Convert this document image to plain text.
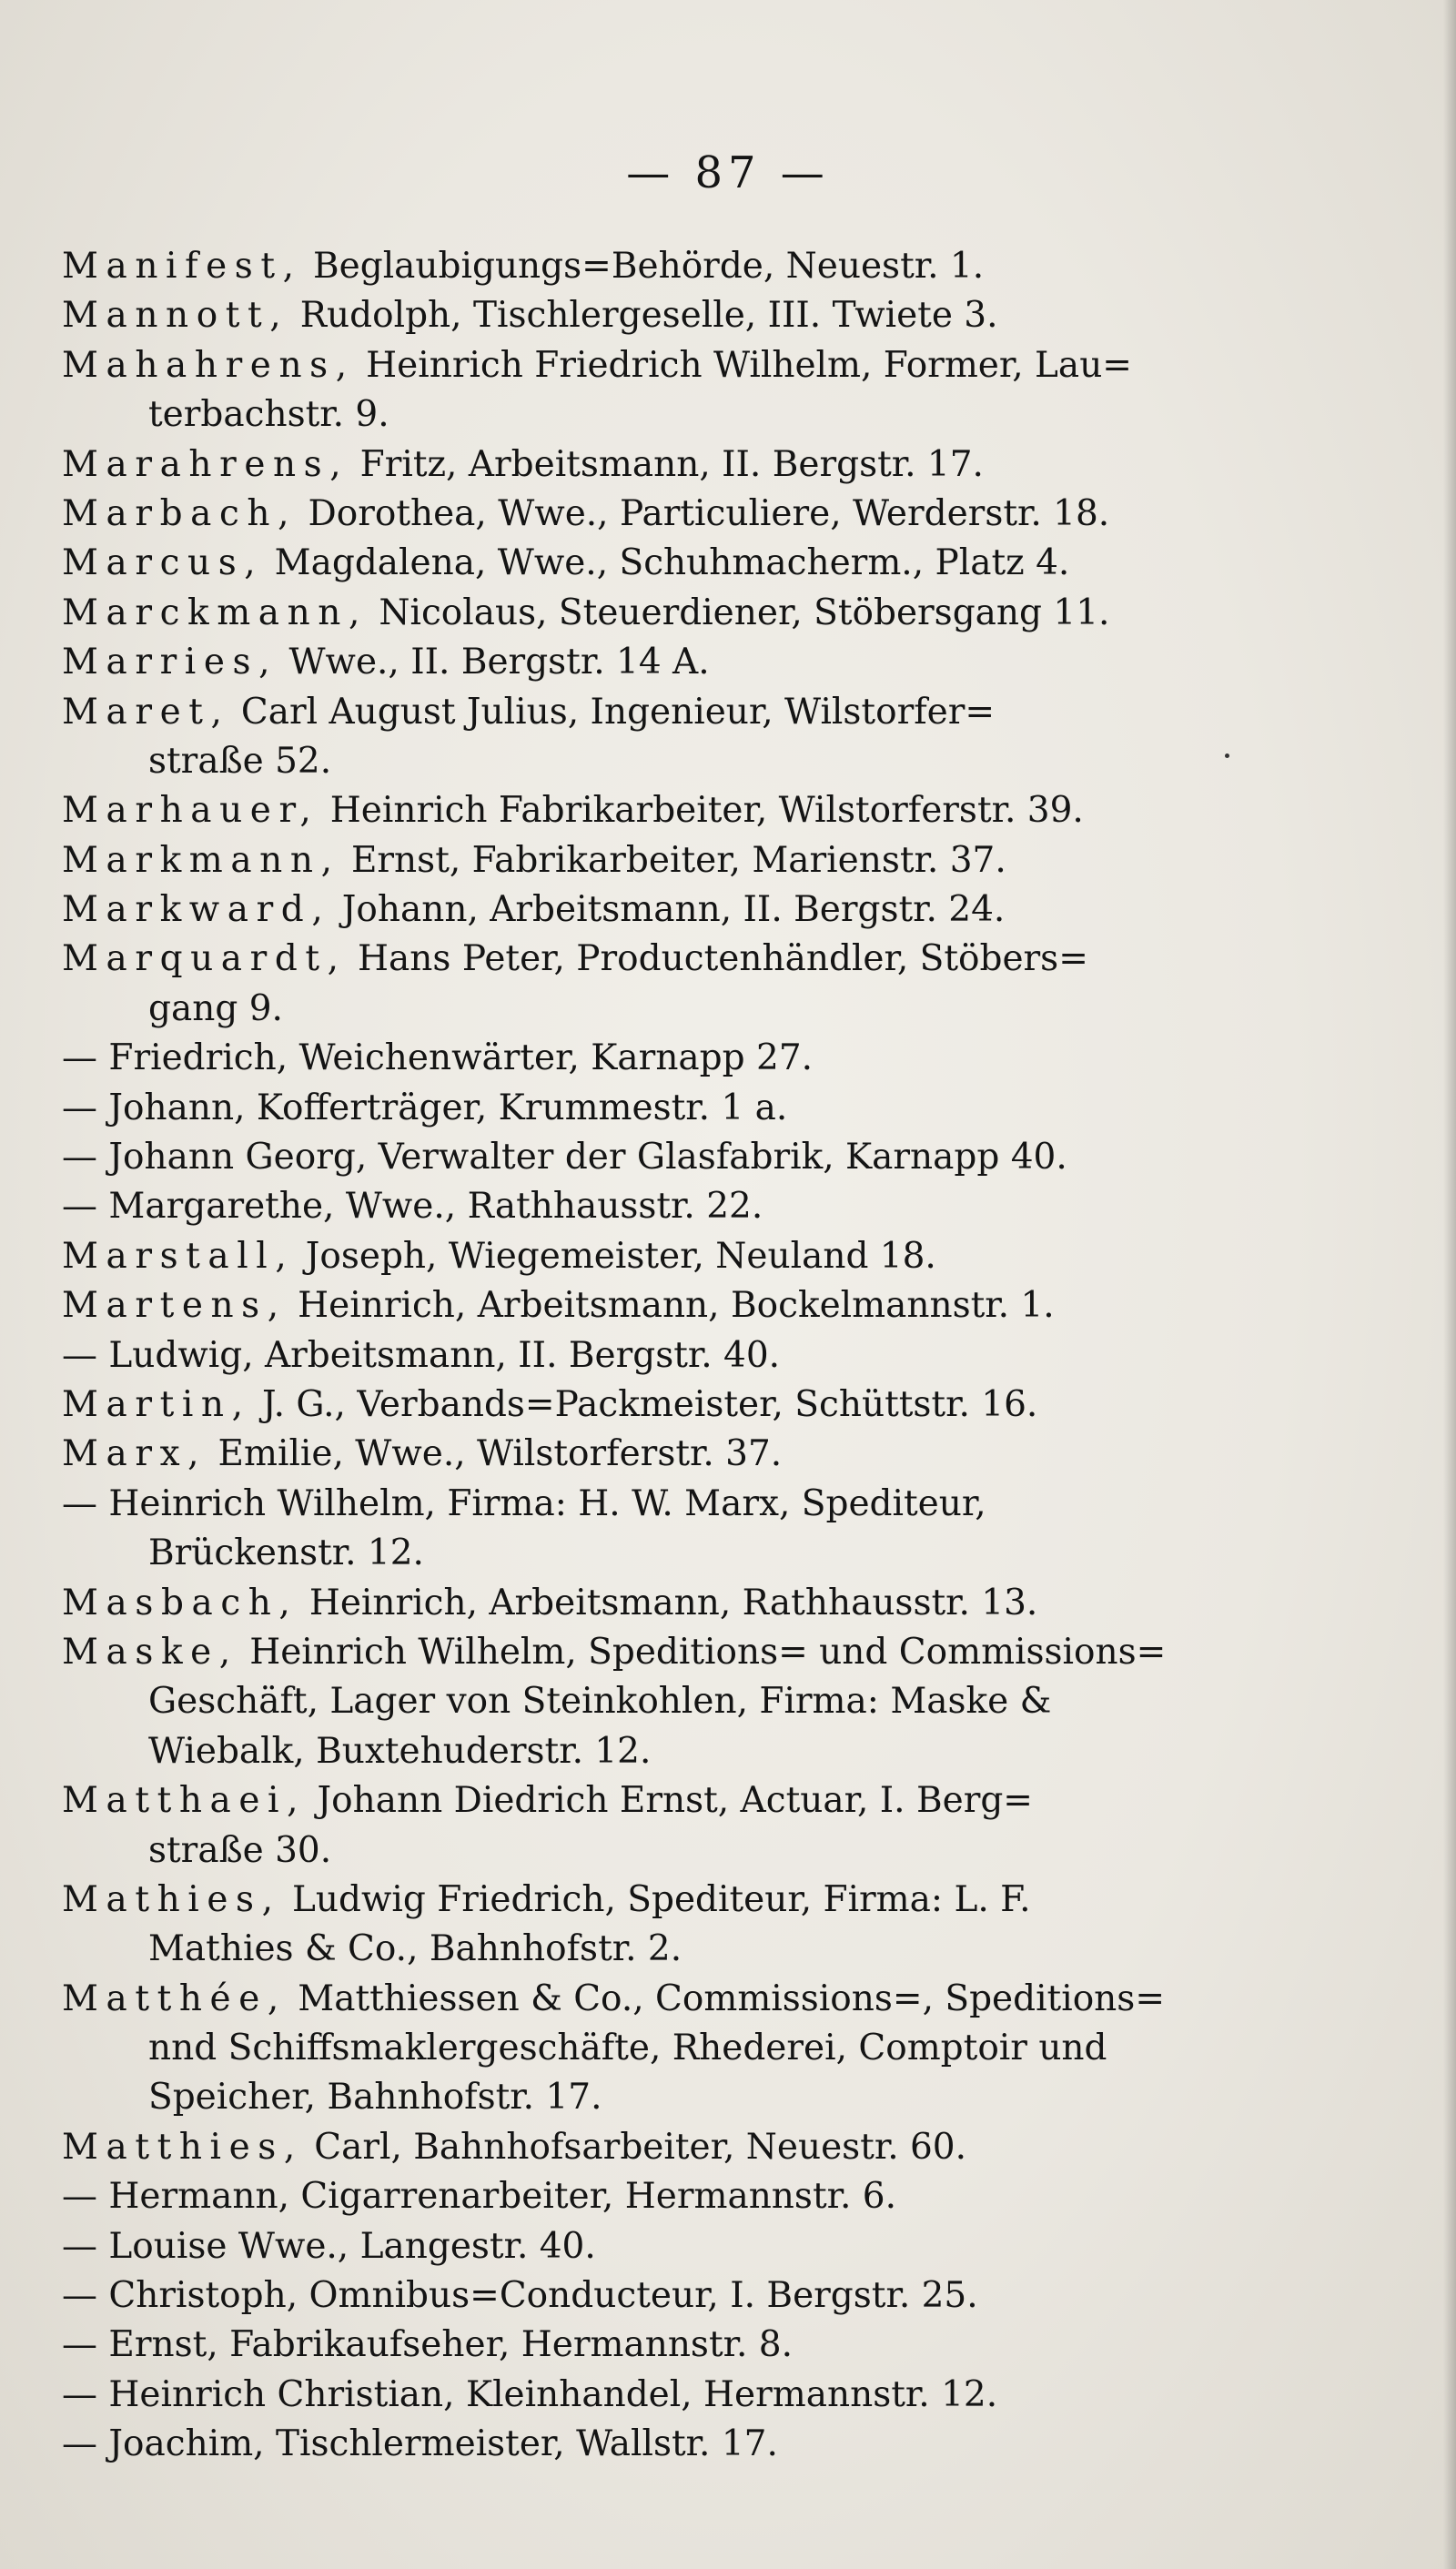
— 87 —
Manifest, Beglaubigungs=Behörde, Neuestr. 1.
Mannott, Rudolph, Tischlergeselle, III. Twiete 3.
Mahahrens, Heinrich Friedrich Wilhelm, Former, Lau=
terbachstr. 9.
Marahrens, Fritz, Arbeitsmann, II. Bergstr. 17.
Marbach, Dorothea, Wwe., Particuliere, Werderstr. 18.
Marcus, Magdalena, Wwe., Schuhmacherm., Platz 4.
Marckmann, Nicolaus, Steuerdiener, Stöbersgang 11.
Marries, Wwe., II. Bergstr. 14 A.
Maret, Carl August Julius, Ingenieur, Wilstorfer=
straße 52.
Marhauer, Heinrich Fabrikarbeiter, Wilstorferstr. 39.
Markmann, Ernst, Fabrikarbeiter, Marienstr. 37.
Markward, Johann, Arbeitsmann, II. Bergstr. 24.
Marquardt, Hans Peter, Productenhändler, Stöbers=
gang 9.
— Friedrich, Weichenwärter, Karnapp 27.
— Johann, Kofferträger, Krummestr. 1 a.
— Johann Georg, Verwalter der Glasfabrik, Karnapp 40.
— Margarethe, Wwe., Rathhausstr. 22.
Marstall, Joseph, Wiegemeister, Neuland 18.
Martens, Heinrich, Arbeitsmann, Bockelmannstr. 1.
— Ludwig, Arbeitsmann, II. Bergstr. 40.
Martin, J. G., Verbands=Packmeister, Schüttstr. 16.
Marx, Emilie, Wwe., Wilstorferstr. 37.
— Heinrich Wilhelm, Firma: H. W. Marx, Spediteur,
Brückenstr. 12.
Masbach, Heinrich, Arbeitsmann, Rathhausstr. 13.
Maske, Heinrich Wilhelm, Speditions= und Commissions=
Geschäft, Lager von Steinkohlen, Firma: Maske &
Wiebalk, Buxtehuderstr. 12.
Matthaei, Johann Diedrich Ernst, Actuar, I. Berg=
straße 30.
Mathies, Ludwig Friedrich, Spediteur, Firma: L. F.
Mathies & Co., Bahnhofstr. 2.
Matthée, Matthiessen & Co., Commissions=, Speditions=
nnd Schiffsmaklergeschäfte, Rhederei, Comptoir und
Speicher, Bahnhofstr. 17.
Matthies, Carl, Bahnhofsarbeiter, Neuestr. 60.
— Hermann, Cigarrenarbeiter, Hermannstr. 6.
— Louise Wwe., Langestr. 40.
— Christoph, Omnibus=Conducteur, I. Bergstr. 25.
— Ernst, Fabrikaufseher, Hermannstr. 8.
— Heinrich Christian, Kleinhandel, Hermannstr. 12.
— Joachim, Tischlermeister, Wallstr. 17.
